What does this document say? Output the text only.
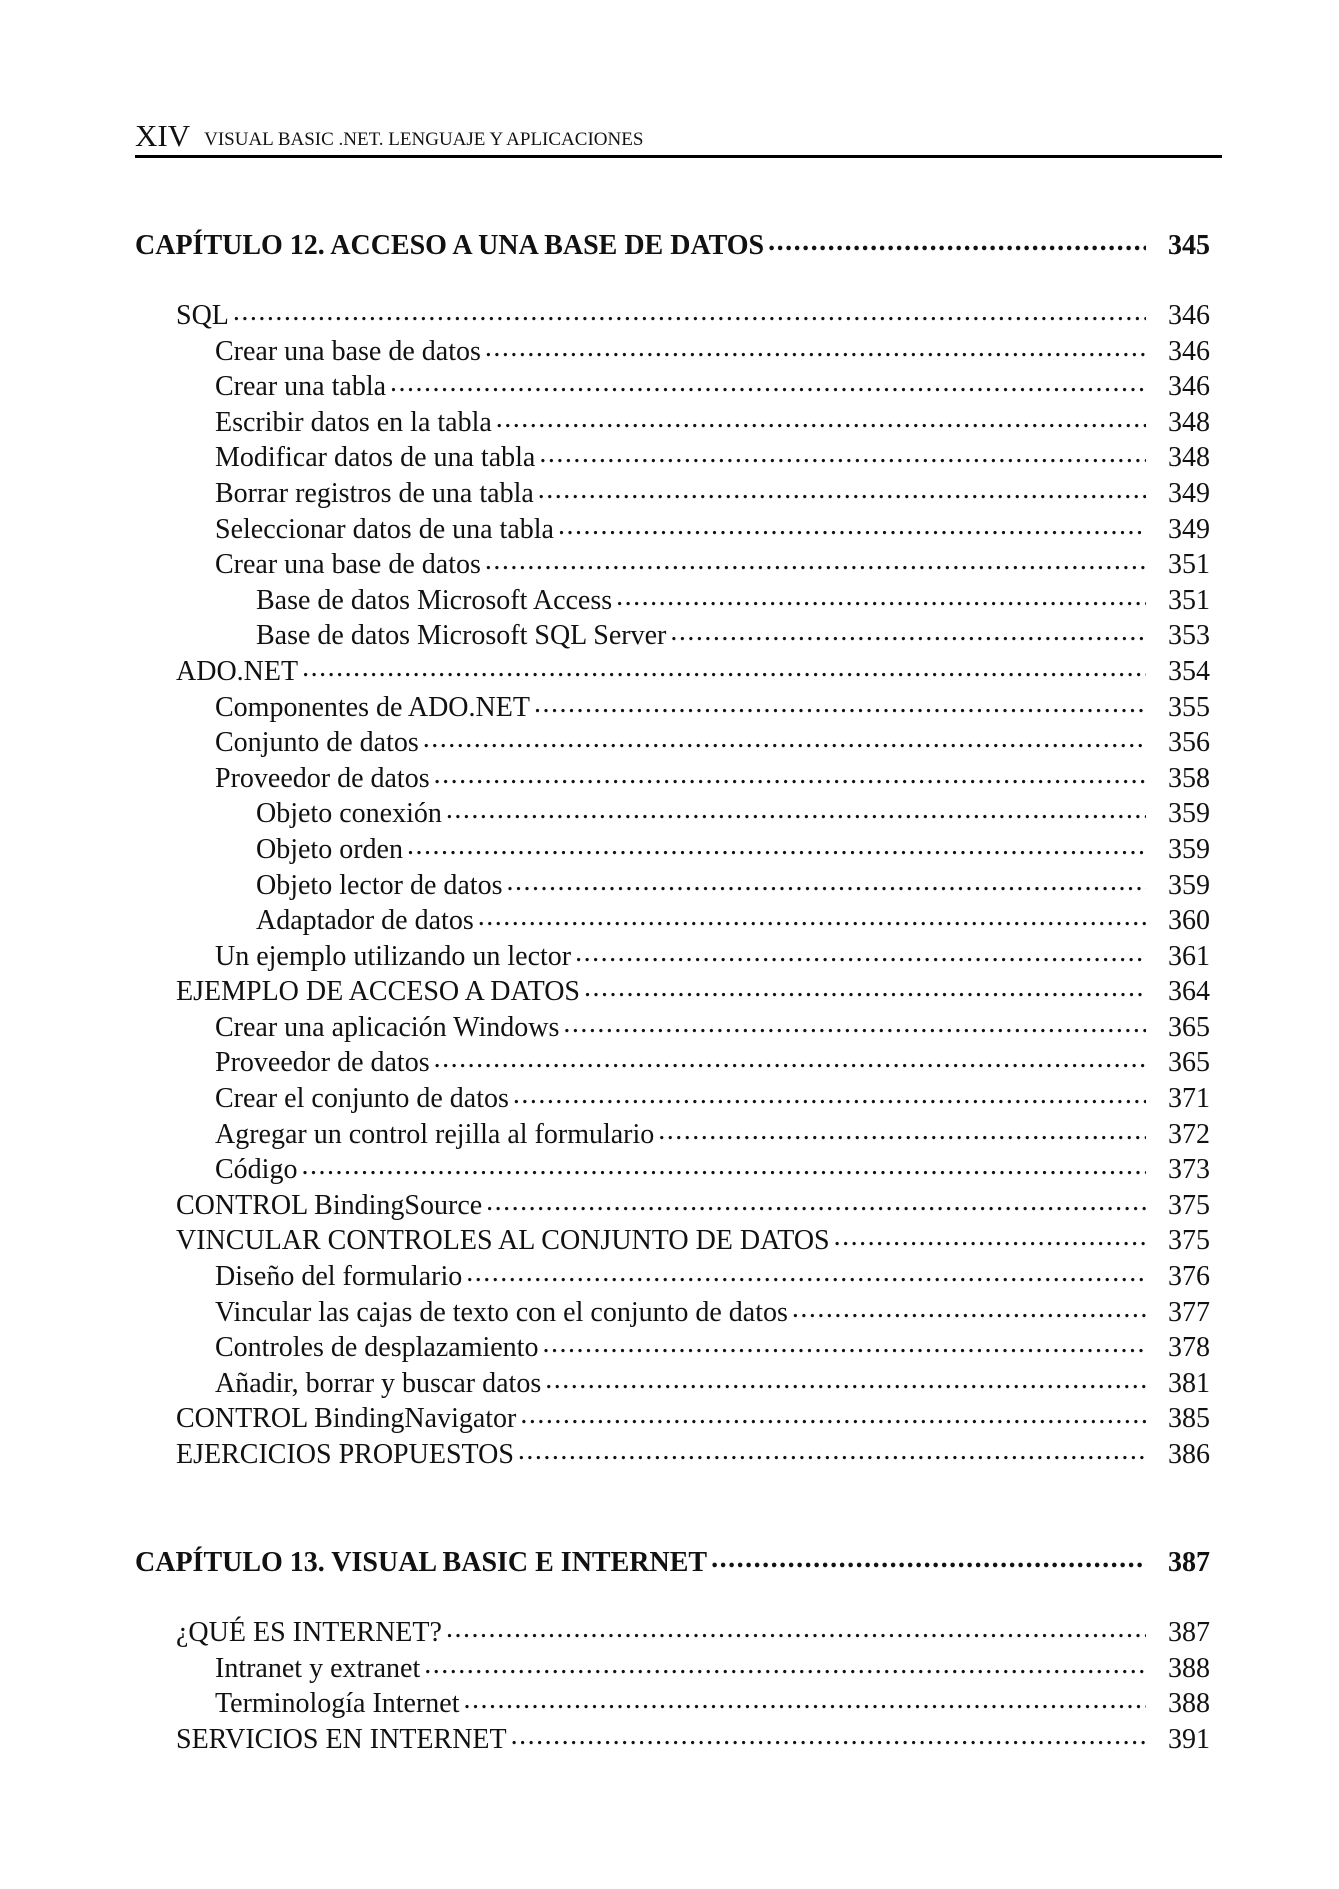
XIV VISUAL BASIC .NET. LENGUAJE Y APLICACIONES
CAPÍTULO 12. ACCESO A UNA BASE DE DATOS .....	345
SQL .....	346
Crear una base de datos .....	346
Crear una tabla .....	346
Escribir datos en la tabla .....	348
Modificar datos de una tabla .....	348
Borrar registros de una tabla .....	349
Seleccionar datos de una tabla .....	349
Crear una base de datos .....	351
Base de datos Microsoft Access .....	351
Base de datos Microsoft SQL Server .....	353
ADO.NET .....	354
Componentes de ADO.NET .....	355
Conjunto de datos .....	356
Proveedor de datos .....	358
Objeto conexión .....	359
Objeto orden .....	359
Objeto lector de datos .....	359
Adaptador de datos .....	360
Un ejemplo utilizando un lector .....	361
EJEMPLO DE ACCESO A DATOS .....	364
Crear una aplicación Windows .....	365
Proveedor de datos .....	365
Crear el conjunto de datos .....	371
Agregar un control rejilla al formulario .....	372
Código .....	373
CONTROL BindingSource .....	375
VINCULAR CONTROLES AL CONJUNTO DE DATOS .....	375
Diseño del formulario .....	376
Vincular las cajas de texto con el conjunto de datos .....	377
Controles de desplazamiento .....	378
Añadir, borrar y buscar datos .....	381
CONTROL BindingNavigator .....	385
EJERCICIOS PROPUESTOS .....	386
CAPÍTULO 13. VISUAL BASIC E INTERNET .....	387
¿QUÉ ES INTERNET? .....	387
Intranet y extranet .....	388
Terminología Internet .....	388
SERVICIOS EN INTERNET .....	391
